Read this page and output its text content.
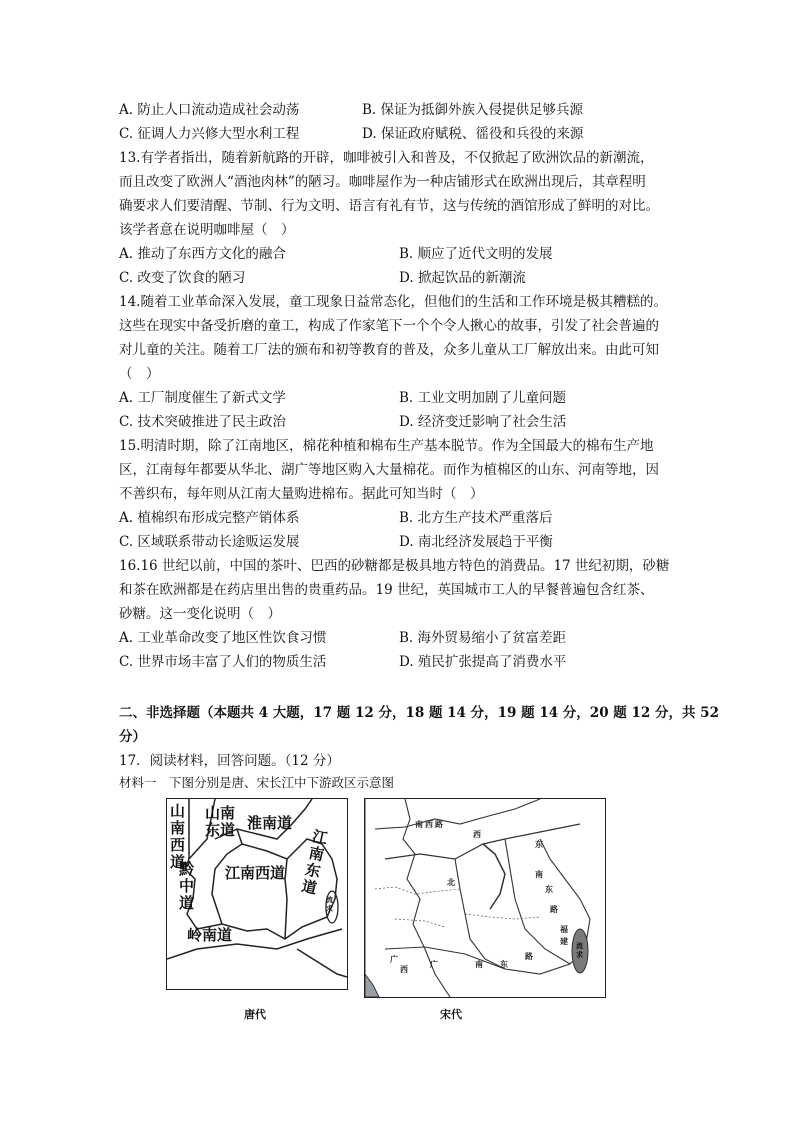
A. 防止人口流动造成社会动荡	B. 保证为抵御外族入侵提供足够兵源
C. 征调人力兴修大型水利工程	D. 保证政府赋税、徭役和兵役的来源
13.有学者指出，随着新航路的开辟，咖啡被引入和普及，不仅掀起了欧洲饮品的新潮流，
而且改变了欧洲人“酒池肉林”的陋习。咖啡屋作为一种店铺形式在欧洲出现后，其章程明
确要求人们要清醒、节制、行为文明、语言有礼有节，这与传统的酒馆形成了鲜明的对比。
该学者意在说明咖啡屋（　）
A. 推动了东西方文化的融合	B. 顺应了近代文明的发展
C. 改变了饮食的陋习	D. 掀起饮品的新潮流
14.随着工业革命深入发展，童工现象日益常态化，但他们的生活和工作环境是极其糟糕的。
这些在现实中备受折磨的童工，构成了作家笔下一个个令人揪心的故事，引发了社会普遍的
对儿童的关注。随着工厂法的颁布和初等教育的普及，众多儿童从工厂解放出来。由此可知
（　）
A. 工厂制度催生了新式文学	B. 工业文明加剧了儿童问题
C. 技术突破推进了民主政治	D. 经济变迁影响了社会生活
15.明清时期，除了江南地区，棉花种植和棉布生产基本脱节。作为全国最大的棉布生产地
区，江南每年都要从华北、湖广等地区购入大量棉花。而作为植棉区的山东、河南等地，因
不善织布，每年则从江南大量购进棉布。据此可知当时（　）
A. 植棉织布形成完整产销体系	B. 北方生产技术严重落后
C. 区域联系带动长途贩运发展	D. 南北经济发展趋于平衡
16.16 世纪以前，中国的茶叶、巴西的砂糖都是极具地方特色的消费品。17 世纪初期，砂糖
和茶在欧洲都是在药店里出售的贵重药品。19 世纪，英国城市工人的早餐普遍包含红茶、
砂糖。这一变化说明（　）
A. 工业革命改变了地区性饮食习惯	B. 海外贸易缩小了贫富差距
C. 世界市场丰富了人们的物质生活	D. 殖民扩张提高了消费水平
二、非选择题（本题共 4 大题，17 题 12 分，18 题 14 分，19 题 14 分，20 题 12 分，共 52
分）
17．阅读材料，回答问题。（12 分）
材料一　下图分别是唐、宋长江中下游政区示意图
山南西道
山南东道 淮南道
江南西道
江南东道
黔中道
岭南道
流求
唐代
南 西 路
北
东
西
南
东
路
广	南 东
广
西
福
建
路
流求
宋代
